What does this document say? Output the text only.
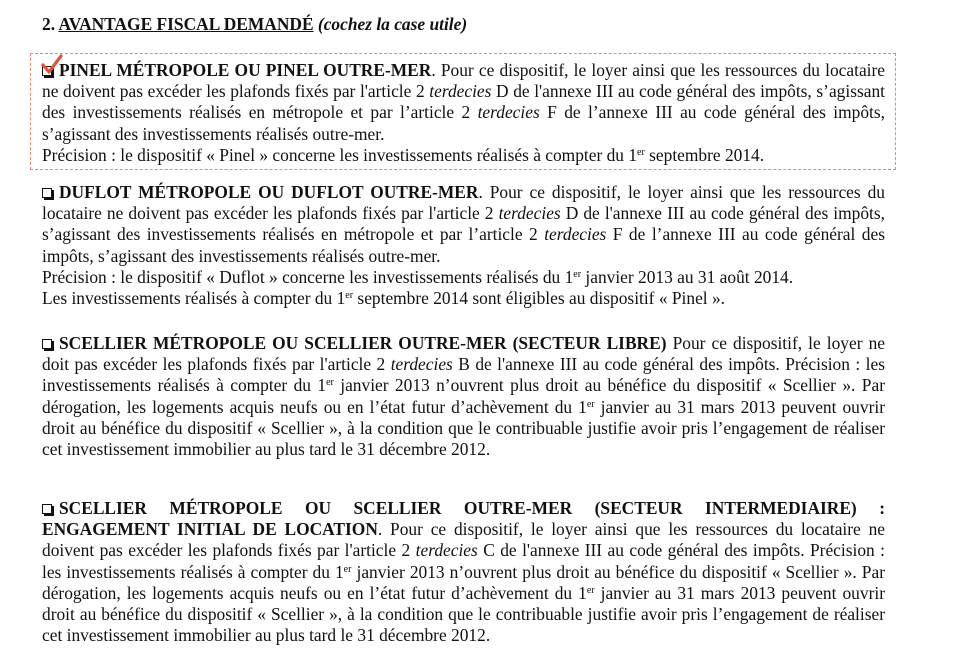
2. AVANTAGE FISCAL DEMANDÉ (cochez la case utile)

PINEL MÉTROPOLE OU PINEL OUTRE-MER. Pour ce dispositif, le loyer ainsi que les ressources du locataire ne doivent pas excéder les plafonds fixés par l'article 2 terdecies D de l'annexe III au code général des impôts, s’agissant des investissements réalisés en métropole et par l’article 2 terdecies F de l’annexe III au code général des impôts, s’agissant des investissements réalisés outre-mer.

Précision : le dispositif « Pinel » concerne les investissements réalisés à compter du 1er septembre 2014.

DUFLOT MÉTROPOLE OU DUFLOT OUTRE-MER. Pour ce dispositif, le loyer ainsi que les ressources du locataire ne doivent pas excéder les plafonds fixés par l'article 2 terdecies D de l'annexe III au code général des impôts, s’agissant des investissements réalisés en métropole et par l’article 2 terdecies F de l’annexe III au code général des impôts, s’agissant des investissements réalisés outre-mer.

Précision : le dispositif « Duflot » concerne les investissements réalisés du 1er janvier 2013 au 31 août 2014.

Les investissements réalisés à compter du 1er septembre 2014 sont éligibles au dispositif « Pinel ».

SCELLIER MÉTROPOLE OU SCELLIER OUTRE-MER (SECTEUR LIBRE) Pour ce dispositif, le loyer ne doit pas excéder les plafonds fixés par l'article 2 terdecies B de l'annexe III au code général des impôts. Précision : les investissements réalisés à compter du 1er janvier 2013 n’ouvrent plus droit au bénéfice du dispositif « Scellier ». Par dérogation, les logements acquis neufs ou en l’état futur d’achèvement du 1er janvier au 31 mars 2013 peuvent ouvrir droit au bénéfice du dispositif « Scellier », à la condition que le contribuable justifie avoir pris l’engagement de réaliser cet investissement immobilier au plus tard le 31 décembre 2012.

SCELLIER MÉTROPOLE OU SCELLIER OUTRE-MER (SECTEUR INTERMEDIAIRE) : ENGAGEMENT INITIAL DE LOCATION. Pour ce dispositif, le loyer ainsi que les ressources du locataire ne doivent pas excéder les plafonds fixés par l'article 2 terdecies C de l'annexe III au code général des impôts. Précision : les investissements réalisés à compter du 1er janvier 2013 n’ouvrent plus droit au bénéfice du dispositif « Scellier ». Par dérogation, les logements acquis neufs ou en l’état futur d’achèvement du 1er janvier au 31 mars 2013 peuvent ouvrir droit au bénéfice du dispositif « Scellier », à la condition que le contribuable justifie avoir pris l’engagement de réaliser cet investissement immobilier au plus tard le 31 décembre 2012.
